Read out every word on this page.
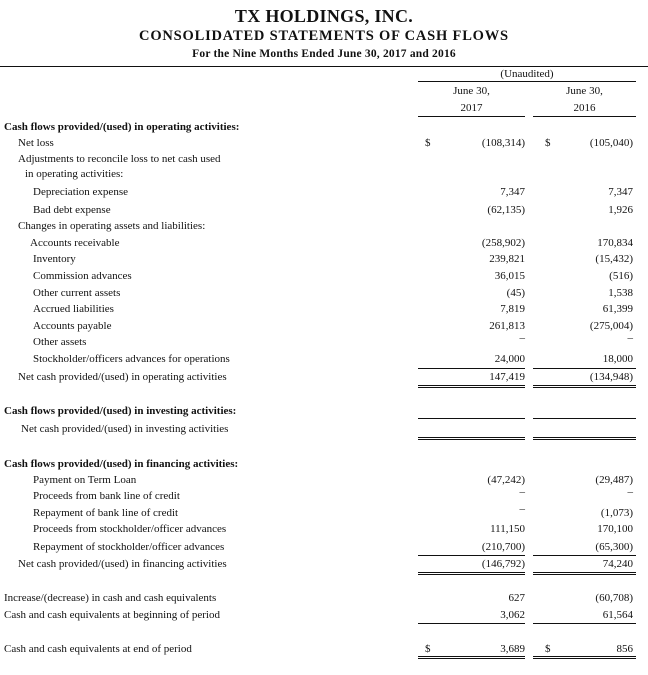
TX HOLDINGS, INC.
CONSOLIDATED STATEMENTS OF CASH FLOWS
For the Nine Months Ended June 30, 2017 and 2016
(Unaudited)
June 30,
2017
June 30,
2016
Cash flows provided/(used) in operating activities:
Net loss	(108,314)	(105,040)
$	$
Adjustments to reconcile loss to net cash used
in operating activities:
Depreciation expense	7,347	7,347
Bad debt expense	(62,135)	1,926
Changes in operating assets and liabilities:
Accounts receivable	(258,902)	170,834
Inventory	239,821	(15,432)
Commission advances	36,015	(516)
Other current assets	(45)	1,538
Accrued liabilities	7,819	61,399
Accounts payable	261,813	(275,004)
Other assets	–	–
Stockholder/officers advances for operations	24,000	18,000
Net cash provided/(used) in operating activities	147,419	(134,948)
Cash flows provided/(used) in investing activities:
Net cash provided/(used) in investing activities
Cash flows provided/(used) in financing activities:
Payment on Term Loan	(47,242)	(29,487)
Proceeds from bank line of credit	–	–
Repayment of bank line of credit	–	(1,073)
Proceeds from stockholder/officer advances	111,150	170,100
Repayment of stockholder/officer advances	(210,700)	(65,300)
Net cash provided/(used) in financing activities	(146,792)	74,240
Increase/(decrease) in cash and cash equivalents	627	(60,708)
Cash and cash equivalents at beginning of period	3,062	61,564
Cash and cash equivalents at end of period	3,689	856
$	$
